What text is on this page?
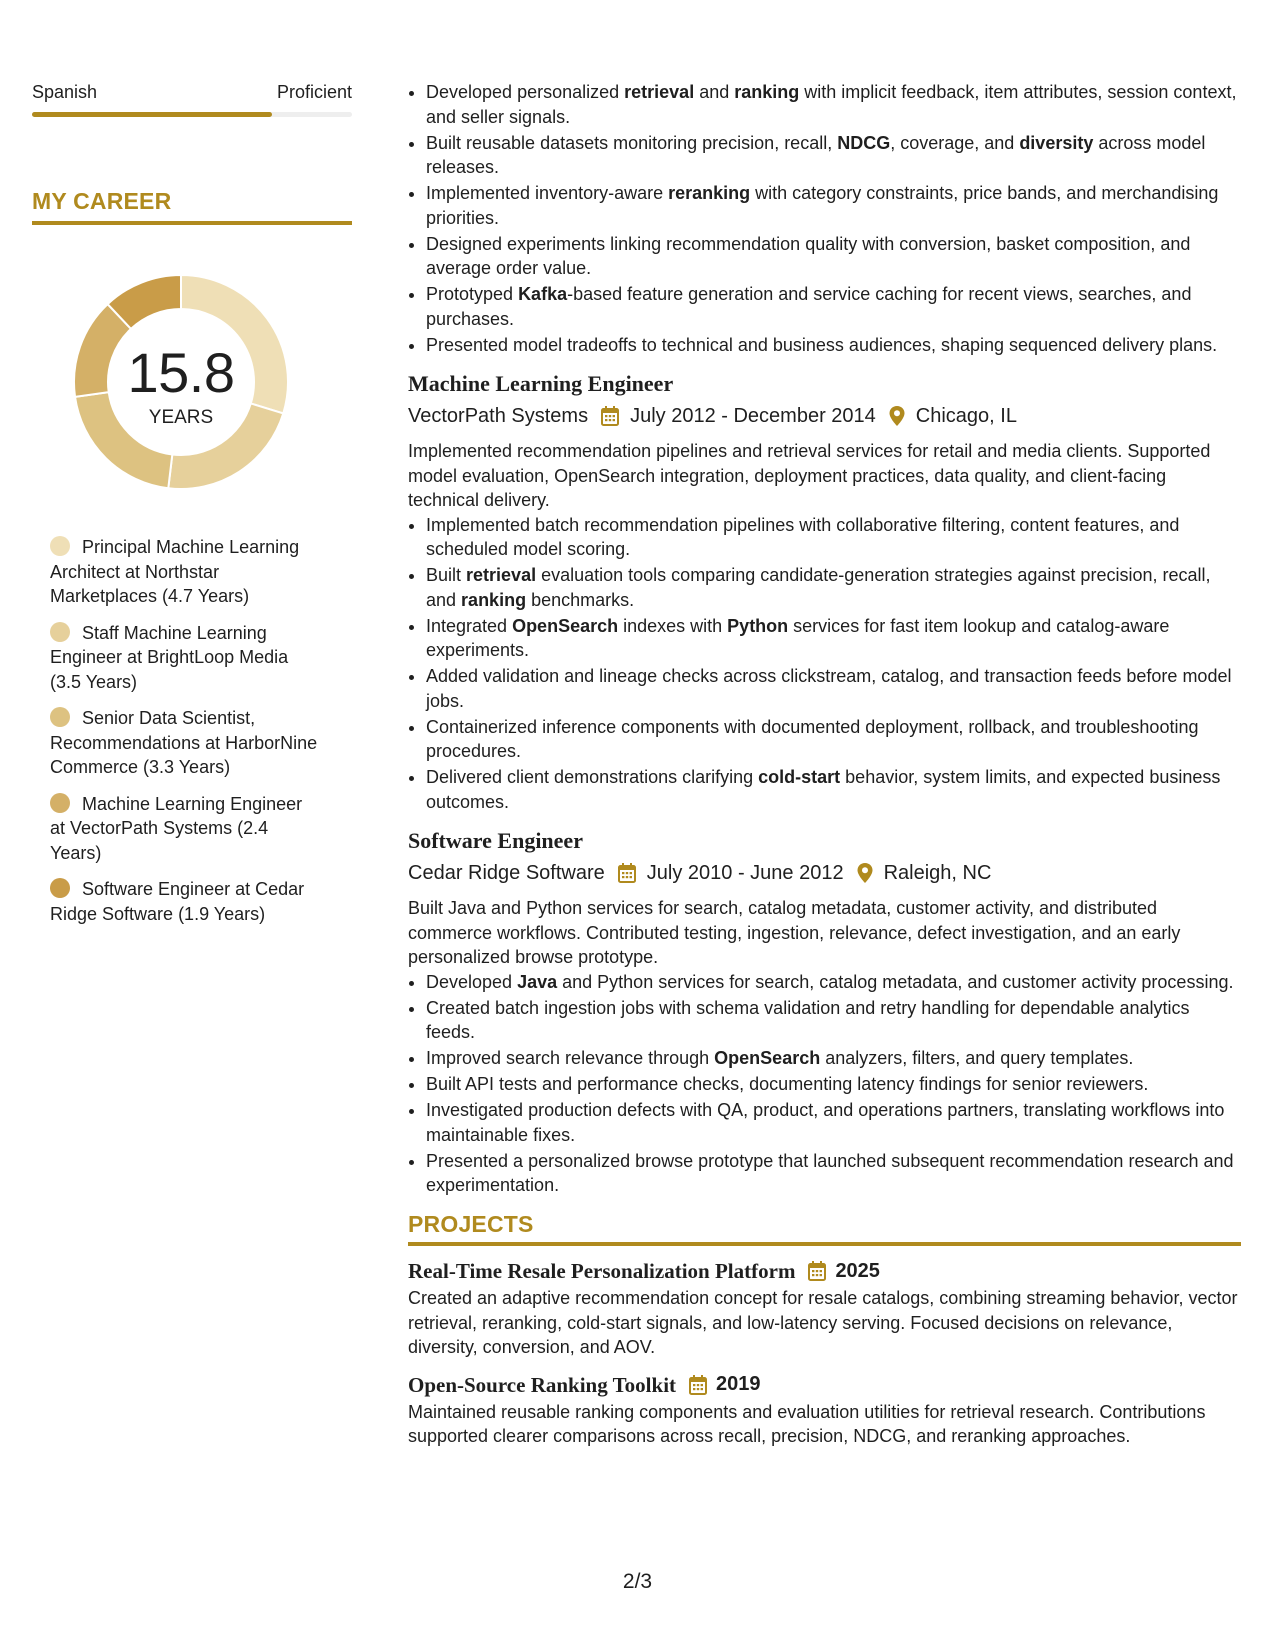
Spanish	Proficient
MY CAREER
15.8
YEARS
Principal Machine Learning Architect at Northstar Marketplaces (4.7 Years)
Staff Machine Learning Engineer at BrightLoop Media (3.5 Years)
Senior Data Scientist, Recommendations at HarborNine Commerce (3.3 Years)
Machine Learning Engineer at VectorPath Systems (2.4 Years)
Software Engineer at Cedar Ridge Software (1.9 Years)
• Developed personalized retrieval and ranking with implicit feedback, item attributes, session context, and seller signals.
• Built reusable datasets monitoring precision, recall, NDCG, coverage, and diversity across model releases.
• Implemented inventory-aware reranking with category constraints, price bands, and merchandising priorities.
• Designed experiments linking recommendation quality with conversion, basket composition, and average order value.
• Prototyped Kafka-based feature generation and service caching for recent views, searches, and purchases.
• Presented model tradeoffs to technical and business audiences, shaping sequenced delivery plans.
Machine Learning Engineer
VectorPath Systems July 2012 - December 2014 Chicago, IL
Implemented recommendation pipelines and retrieval services for retail and media clients. Supported model evaluation, OpenSearch integration, deployment practices, data quality, and client-facing technical delivery.
• Implemented batch recommendation pipelines with collaborative filtering, content features, and scheduled model scoring.
• Built retrieval evaluation tools comparing candidate-generation strategies against precision, recall, and ranking benchmarks.
• Integrated OpenSearch indexes with Python services for fast item lookup and catalog-aware experiments.
• Added validation and lineage checks across clickstream, catalog, and transaction feeds before model jobs.
• Containerized inference components with documented deployment, rollback, and troubleshooting procedures.
• Delivered client demonstrations clarifying cold-start behavior, system limits, and expected business outcomes.
Software Engineer
Cedar Ridge Software July 2010 - June 2012 Raleigh, NC
Built Java and Python services for search, catalog metadata, customer activity, and distributed commerce workflows. Contributed testing, ingestion, relevance, defect investigation, and an early personalized browse prototype.
• Developed Java and Python services for search, catalog metadata, and customer activity processing.
• Created batch ingestion jobs with schema validation and retry handling for dependable analytics feeds.
• Improved search relevance through OpenSearch analyzers, filters, and query templates.
• Built API tests and performance checks, documenting latency findings for senior reviewers.
• Investigated production defects with QA, product, and operations partners, translating workflows into maintainable fixes.
• Presented a personalized browse prototype that launched subsequent recommendation research and experimentation.
PROJECTS
Real-Time Resale Personalization Platform 2025
Created an adaptive recommendation concept for resale catalogs, combining streaming behavior, vector retrieval, reranking, cold-start signals, and low-latency serving. Focused decisions on relevance, diversity, conversion, and AOV.
Open-Source Ranking Toolkit 2019
Maintained reusable ranking components and evaluation utilities for retrieval research. Contributions supported clearer comparisons across recall, precision, NDCG, and reranking approaches.
2/3
